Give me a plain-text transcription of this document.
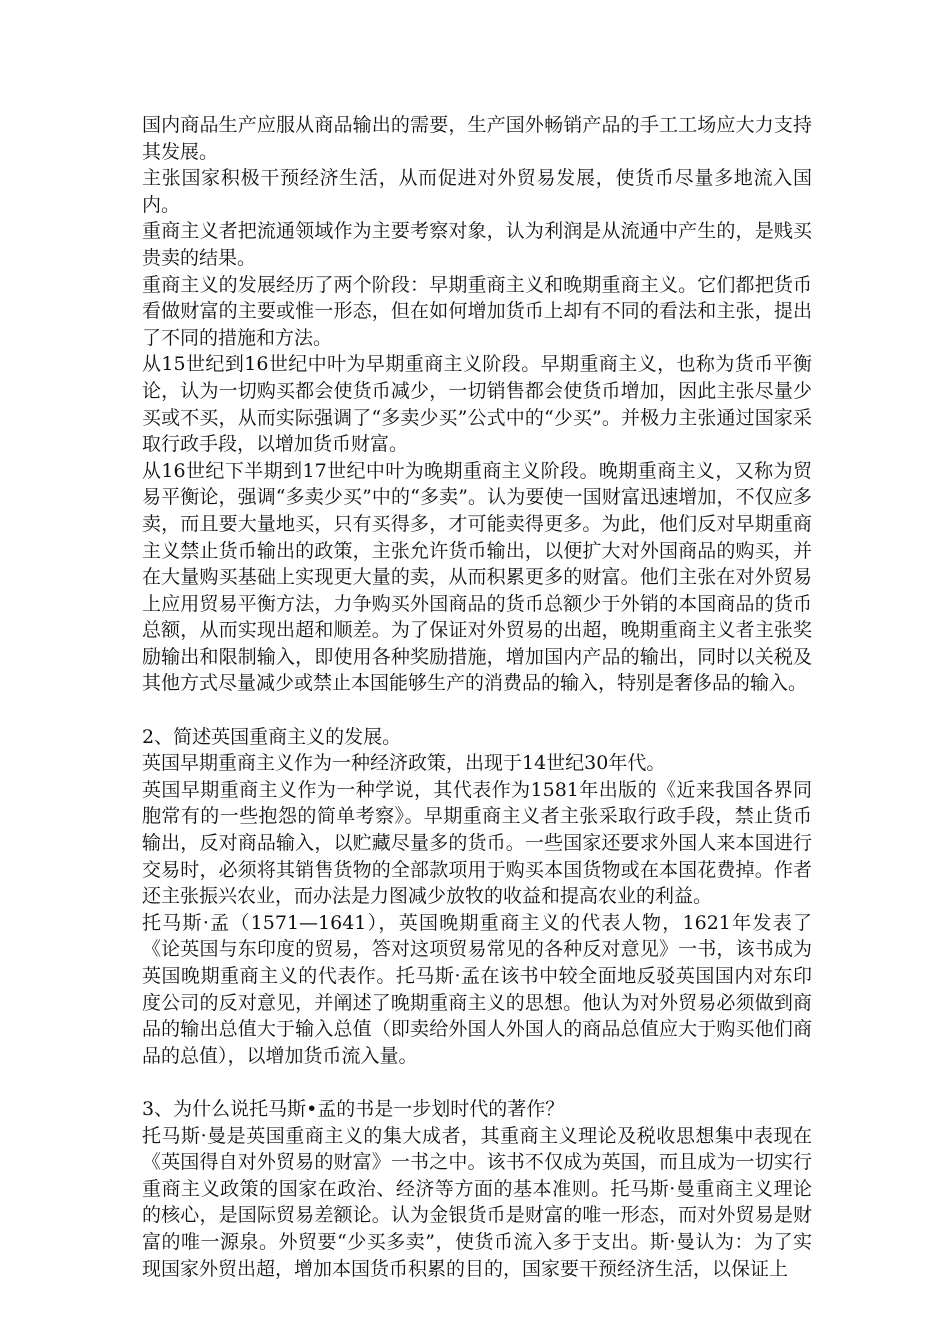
国内商品生产应服从商品输出的需要，生产国外畅销产品的手工工场应大力支持其发展。

主张国家积极干预经济生活，从而促进对外贸易发展，使货币尽量多地流入国内。

重商主义者把流通领域作为主要考察对象，认为利润是从流通中产生的，是贱买贵卖的结果。

重商主义的发展经历了两个阶段：早期重商主义和晚期重商主义。它们都把货币看做财富的主要或惟一形态，但在如何增加货币上却有不同的看法和主张，提出了不同的措施和方法。

从15世纪到16世纪中叶为早期重商主义阶段。早期重商主义，也称为货币平衡论，认为一切购买都会使货币减少，一切销售都会使货币增加，因此主张尽量少买或不买，从而实际强调了“多卖少买”公式中的“少买”。并极力主张通过国家采取行政手段，以增加货币财富。

从16世纪下半期到17世纪中叶为晚期重商主义阶段。晚期重商主义，又称为贸易平衡论，强调“多卖少买”中的“多卖”。认为要使一国财富迅速增加，不仅应多卖，而且要大量地买，只有买得多，才可能卖得更多。为此，他们反对早期重商主义禁止货币输出的政策，主张允许货币输出，以便扩大对外国商品的购买，并在大量购买基础上实现更大量的卖，从而积累更多的财富。他们主张在对外贸易上应用贸易平衡方法，力争购买外国商品的货币总额少于外销的本国商品的货币总额，从而实现出超和顺差。为了保证对外贸易的出超，晚期重商主义者主张奖励输出和限制输入，即使用各种奖励措施，增加国内产品的输出，同时以关税及其他方式尽量减少或禁止本国能够生产的消费品的输入，特别是奢侈品的输入。

2、简述英国重商主义的发展。

英国早期重商主义作为一种经济政策，出现于14世纪30年代。

英国早期重商主义作为一种学说，其代表作为1581年出版的《近来我国各界同胞常有的一些抱怨的简单考察》。早期重商主义者主张采取行政手段，禁止货币输出，反对商品输入，以贮藏尽量多的货币。一些国家还要求外国人来本国进行交易时，必须将其销售货物的全部款项用于购买本国货物或在本国花费掉。作者还主张振兴农业，而办法是力图减少放牧的收益和提高农业的利益。

托马斯·孟（1571—1641），英国晚期重商主义的代表人物，1621年发表了《论英国与东印度的贸易，答对这项贸易常见的各种反对意见》一书，该书成为英国晚期重商主义的代表作。托马斯·孟在该书中较全面地反驳英国国内对东印度公司的反对意见，并阐述了晚期重商主义的思想。他认为对外贸易必须做到商品的输出总值大于输入总值（即卖给外国人外国人的商品总值应大于购买他们商品的总值），以增加货币流入量。

3、为什么说托马斯•孟的书是一步划时代的著作？

托马斯·曼是英国重商主义的集大成者，其重商主义理论及税收思想集中表现在《英国得自对外贸易的财富》一书之中。该书不仅成为英国，而且成为一切实行重商主义政策的国家在政治、经济等方面的基本准则。托马斯·曼重商主义理论的核心，是国际贸易差额论。认为金银货币是财富的唯一形态，而对外贸易是财富的唯一源泉。外贸要“少买多卖”，使货币流入多于支出。斯·曼认为：为了实现国家外贸出超，增加本国货币积累的目的，国家要干预经济生活，以保证上
